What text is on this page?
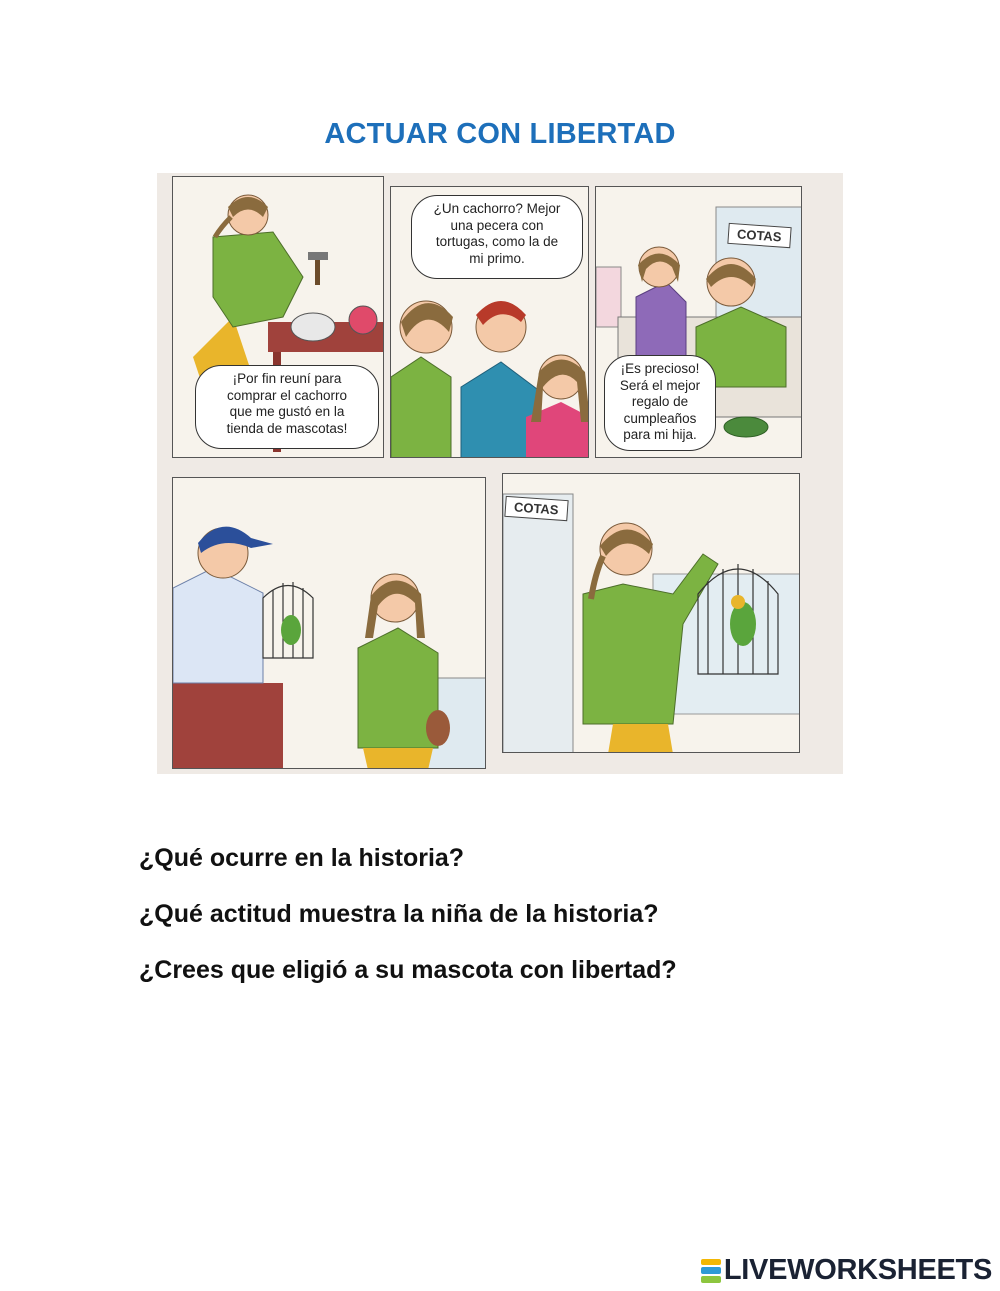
ACTUAR CON LIBERTAD
¡Por fin reuní para
comprar el cachorro
que me gustó en la
tienda de mascotas!
¿Un cachorro? Mejor
una pecera con
tortugas, como la de
mi primo.
COTAS
¡Es precioso!
Será el mejor
regalo de
cumpleaños
para mi hija.
COTAS
¿Qué ocurre en la historia?
¿Qué actitud muestra la niña de la historia?
¿Crees que eligió a su mascota con libertad?
LIVEWORKSHEETS
